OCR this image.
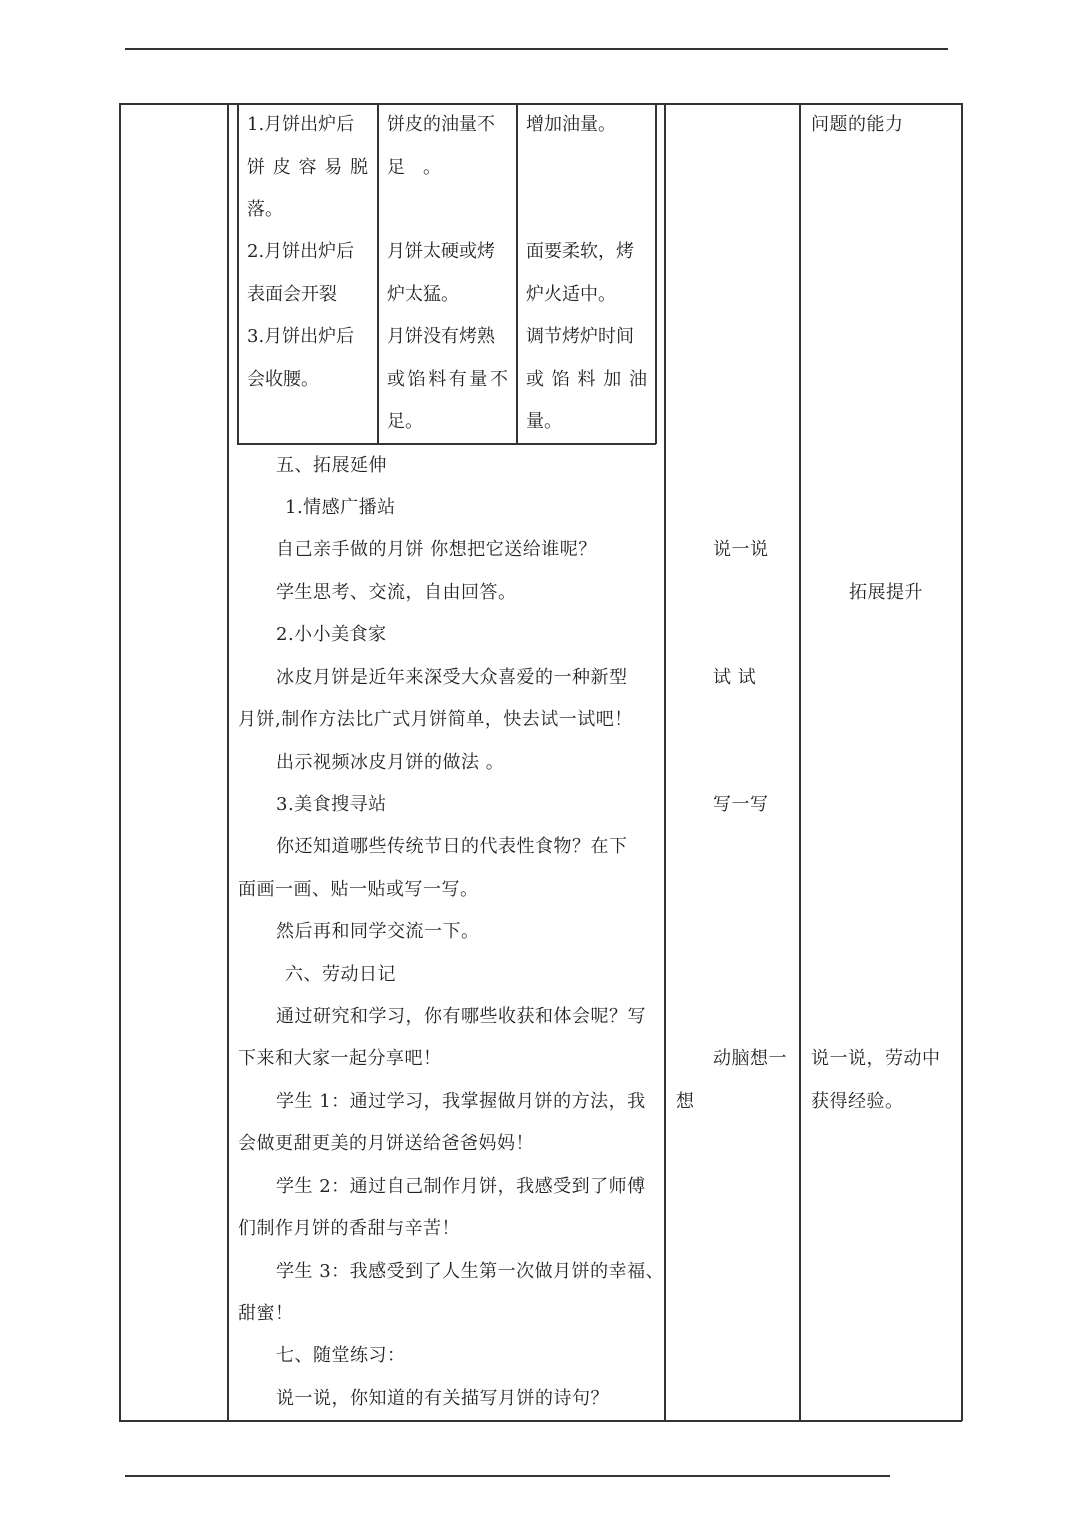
1.月饼出炉后
饼 皮 容 易 脱
落。
饼皮的油量不
足　。
增加油量。
2.月饼出炉后
表面会开裂
月饼太硬或烤
炉太猛。
面要柔软，烤
炉火适中。
3.月饼出炉后
会收腰。
月饼没有烤熟
或 馅 料 有 量 不
足。
调节烤炉时间
或 馅 料 加 油
量。
五、拓展延伸
1.情感广播站
自己亲手做的月饼 你想把它送给谁呢？
学生思考、交流，自由回答。
2.小小美食家
冰皮月饼是近年来深受大众喜爱的一种新型
月饼,制作方法比广式月饼简单，快去试一试吧！
出示视频冰皮月饼的做法 。
3.美食搜寻站
你还知道哪些传统节日的代表性食物？在下
面画一画、贴一贴或写一写。
然后再和同学交流一下。
六、劳动日记
通过研究和学习，你有哪些收获和体会呢？写
下来和大家一起分享吧！
学生 1：通过学习，我掌握做月饼的方法，我
会做更甜更美的月饼送给爸爸妈妈！
学生 2：通过自己制作月饼，我感受到了师傅
们制作月饼的香甜与辛苦！
学生 3：我感受到了人生第一次做月饼的幸福、
甜蜜！
七、随堂练习：
说一说，你知道的有关描写月饼的诗句？
说一说
试 试
写一写
动脑想一
想
问题的能力
拓展提升
说一说，劳动中
获得经验。
